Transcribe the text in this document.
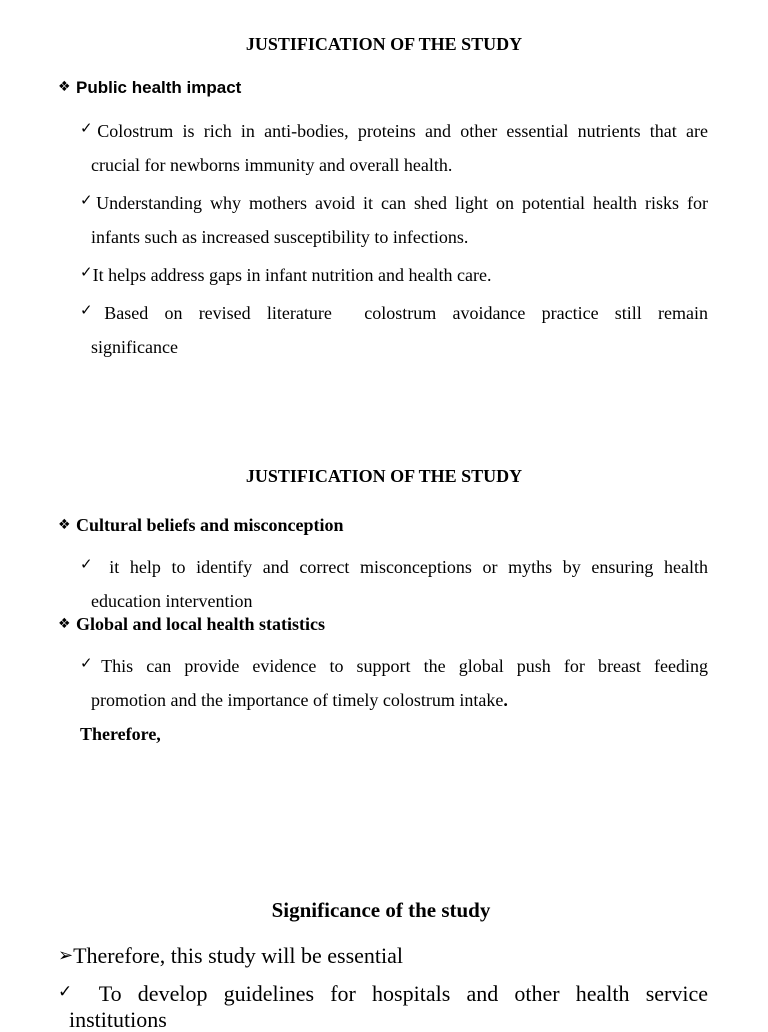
JUSTIFICATION OF THE STUDY
❖ Public health impact
✓Colostrum is rich in anti-bodies, proteins and other essential nutrients that are
crucial for newborns immunity and overall health.
✓Understanding why mothers avoid it can shed light on potential health risks for
infants such as increased susceptibility to infections.
✓It helps address gaps in infant nutrition and health care.
✓Based on revised literature  colostrum avoidance practice still remain
significance
JUSTIFICATION OF THE STUDY
❖ Cultural beliefs and misconception
✓ it help to identify and correct misconceptions or myths by ensuring health
education intervention
❖ Global and local health statistics
✓This can provide evidence to support the global push for breast feeding
promotion and the importance of timely colostrum intake.
Therefore,
Significance of the study
➢Therefore, this study will be essential
✓ To develop guidelines for hospitals and other health service
institutions
